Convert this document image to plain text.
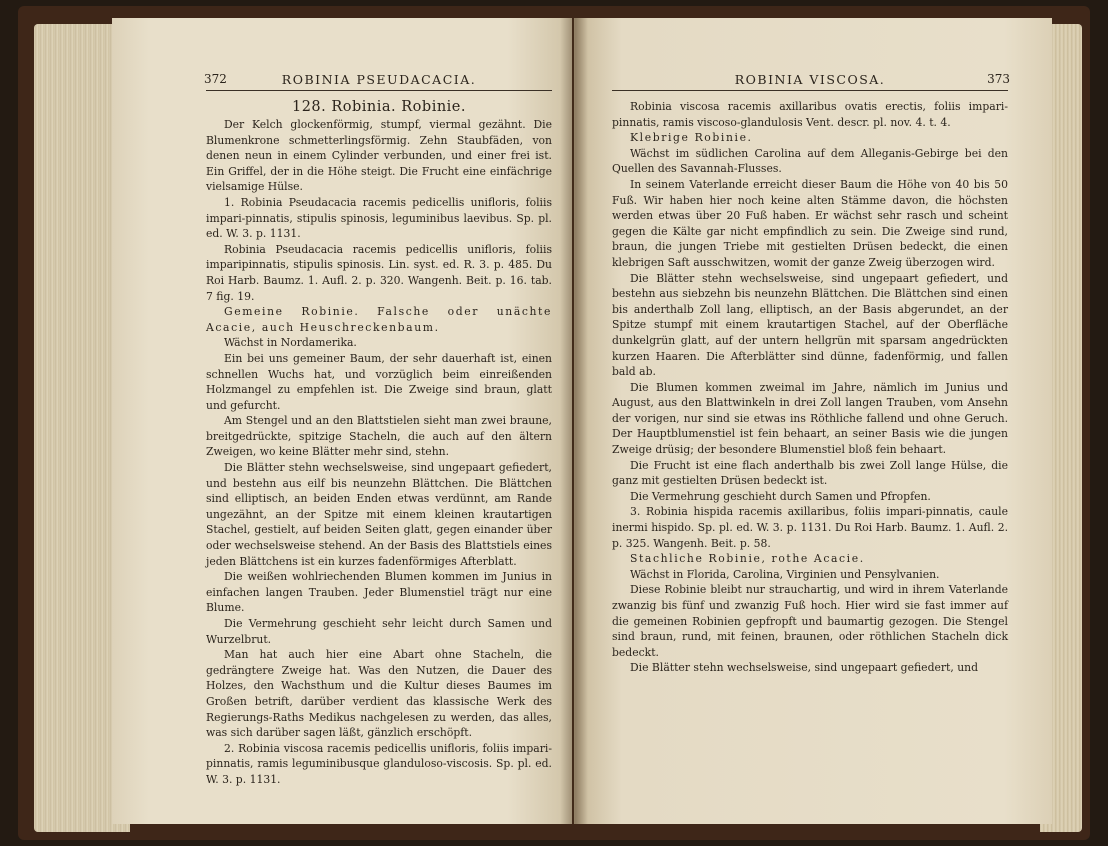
372	ROBINIA PSEUDACACIA.
128. Robinia. Robinie.

Der Kelch glockenförmig, stumpf, viermal gezähnt. Die Blumenkrone schmetterlingsförmig. Zehn Staubfäden, von denen neun in einem Cylinder verbunden, und einer frei ist. Ein Griffel, der in die Höhe steigt. Die Frucht eine einfächrige vielsamige Hülse.

1. Robinia Pseudacacia racemis pedicellis unifloris, foliis impari-pinnatis, stipulis spinosis, leguminibus laevibus. Sp. pl. ed. W. 3. p. 1131.

Robinia Pseudacacia racemis pedicellis unifloris, foliis imparipinnatis, stipulis spinosis. Lin. syst. ed. R. 3. p. 485. Du Roi Harb. Baumz. 1. Aufl. 2. p. 320. Wangenh. Beit. p. 16. tab. 7 fig. 19.

Gemeine Robinie. Falsche oder unächte Acacie, auch Heuschreckenbaum.

Wächst in Nordamerika.

Ein bei uns gemeiner Baum, der sehr dauerhaft ist, einen schnellen Wuchs hat, und vorzüglich beim einreißenden Holzmangel zu empfehlen ist. Die Zweige sind braun, glatt und gefurcht.

Am Stengel und an den Blattstielen sieht man zwei braune, breitgedrückte, spitzige Stacheln, die auch auf den ältern Zweigen, wo keine Blätter mehr sind, stehn.

Die Blätter stehn wechselsweise, sind ungepaart gefiedert, und bestehn aus eilf bis neunzehn Blättchen. Die Blättchen sind elliptisch, an beiden Enden etwas verdünnt, am Rande ungezähnt, an der Spitze mit einem kleinen krautartigen Stachel, gestielt, auf beiden Seiten glatt, gegen einander über oder wechselsweise stehend. An der Basis des Blattstiels eines jeden Blättchens ist ein kurzes fadenförmiges Afterblatt.

Die weißen wohlriechenden Blumen kommen im Junius in einfachen langen Trauben. Jeder Blumenstiel trägt nur eine Blume.

Die Vermehrung geschieht sehr leicht durch Samen und Wurzelbrut.

Man hat auch hier eine Abart ohne Stacheln, die gedrängtere Zweige hat. Was den Nutzen, die Dauer des Holzes, den Wachsthum und die Kultur dieses Baumes im Großen betrift, darüber verdient das klassische Werk des Regierungs-Raths Medikus nachgelesen zu werden, das alles, was sich darüber sagen läßt, gänzlich erschöpft.

2. Robinia viscosa racemis pedicellis unifloris, foliis impari-pinnatis, ramis leguminibusque glanduloso-viscosis. Sp. pl. ed. W. 3. p. 1131.

ROBINIA VISCOSA.	373

Robinia viscosa racemis axillaribus ovatis erectis, foliis impari-pinnatis, ramis viscoso-glandulosis Vent. descr. pl. nov. 4. t. 4.

Klebrige Robinie.

Wächst im südlichen Carolina auf dem Alleganis-Gebirge bei den Quellen des Savannah-Flusses.

In seinem Vaterlande erreicht dieser Baum die Höhe von 40 bis 50 Fuß. Wir haben hier noch keine alten Stämme davon, die höchsten werden etwas über 20 Fuß haben. Er wächst sehr rasch und scheint gegen die Kälte gar nicht empfindlich zu sein. Die Zweige sind rund, braun, die jungen Triebe mit gestielten Drüsen bedeckt, die einen klebrigen Saft ausschwitzen, womit der ganze Zweig überzogen wird.

Die Blätter stehn wechselsweise, sind ungepaart gefiedert, und bestehn aus siebzehn bis neunzehn Blättchen. Die Blättchen sind einen bis anderthalb Zoll lang, elliptisch, an der Basis abgerundet, an der Spitze stumpf mit einem krautartigen Stachel, auf der Oberfläche dunkelgrün glatt, auf der untern hellgrün mit sparsam angedrückten kurzen Haaren. Die Afterblätter sind dünne, fadenförmig, und fallen bald ab.

Die Blumen kommen zweimal im Jahre, nämlich im Junius und August, aus den Blattwinkeln in drei Zoll langen Trauben, vom Ansehn der vorigen, nur sind sie etwas ins Röthliche fallend und ohne Geruch. Der Hauptblumenstiel ist fein behaart, an seiner Basis wie die jungen Zweige drüsig; der besondere Blumenstiel bloß fein behaart.

Die Frucht ist eine flach anderthalb bis zwei Zoll lange Hülse, die ganz mit gestielten Drüsen bedeckt ist.

Die Vermehrung geschieht durch Samen und Pfropfen.

3. Robinia hispida racemis axillaribus, foliis impari-pinnatis, caule inermi hispido. Sp. pl. ed. W. 3. p. 1131. Du Roi Harb. Baumz. 1. Aufl. 2. p. 325. Wangenh. Beit. p. 58.

Stachliche Robinie, rothe Acacie.

Wächst in Florida, Carolina, Virginien und Pensylvanien.

Diese Robinie bleibt nur strauchartig, und wird in ihrem Vaterlande zwanzig bis fünf und zwanzig Fuß hoch. Hier wird sie fast immer auf die gemeinen Robinien gepfropft und baumartig gezogen. Die Stengel sind braun, rund, mit feinen, braunen, oder röthlichen Stacheln dick bedeckt.

Die Blätter stehn wechselsweise, sind ungepaart gefiedert, und
